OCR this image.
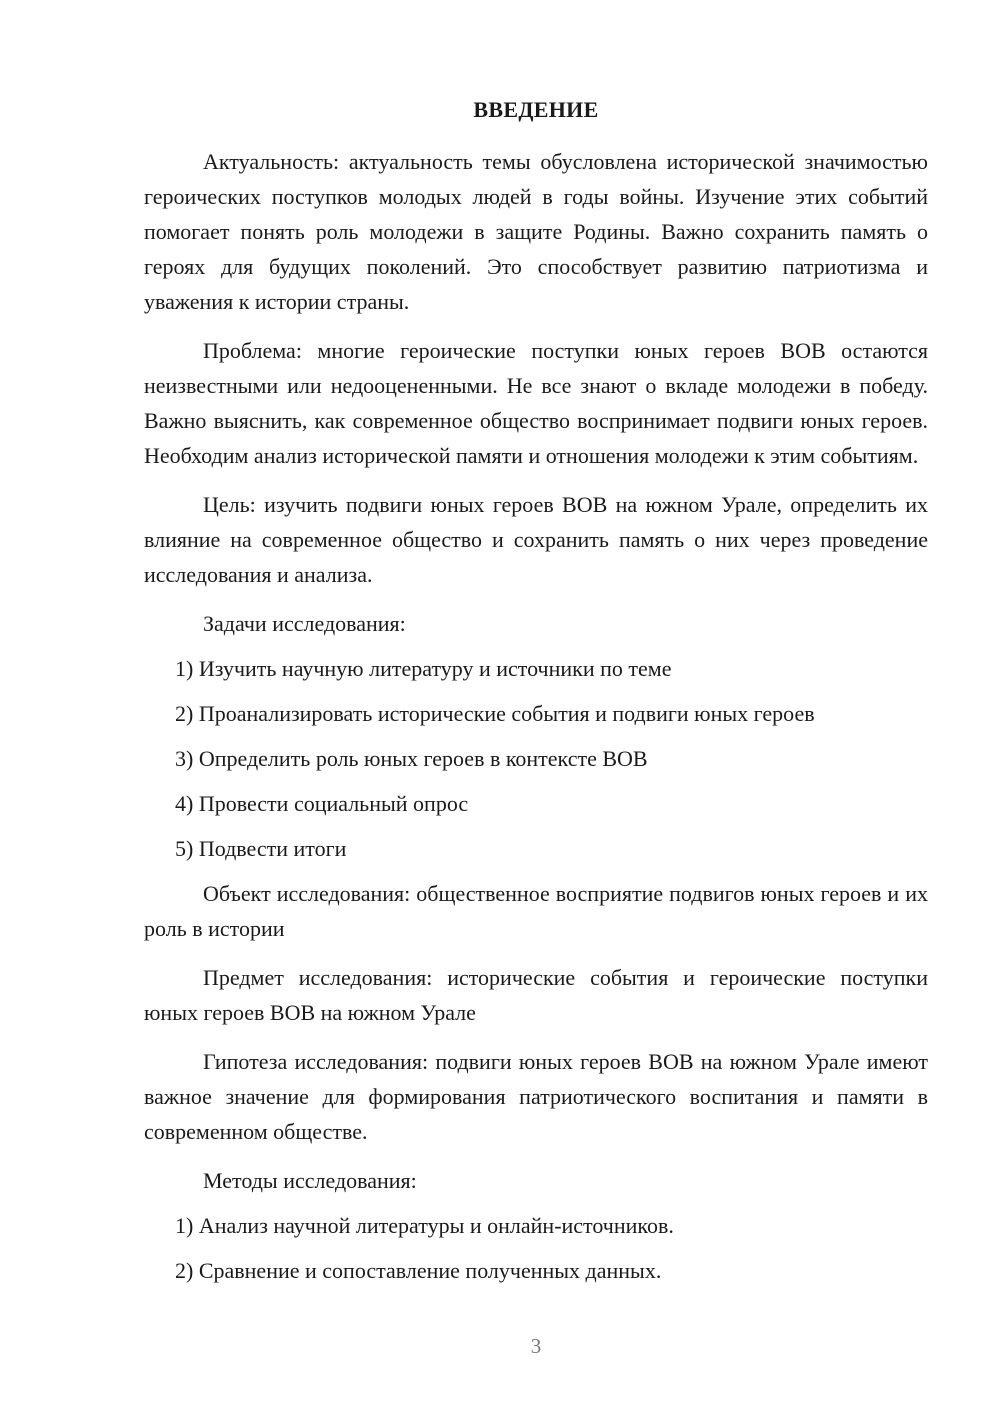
ВВЕДЕНИЕ

Актуальность: актуальность темы обусловлена исторической значимостью героических поступков молодых людей в годы войны. Изучение этих событий помогает понять роль молодежи в защите Родины. Важно сохранить память о героях для будущих поколений. Это способствует развитию патриотизма и уважения к истории страны.

Проблема: многие героические поступки юных героев ВОВ остаются неизвестными или недооцененными. Не все знают о вкладе молодежи в победу. Важно выяснить, как современное общество воспринимает подвиги юных героев. Необходим анализ исторической памяти и отношения молодежи к этим событиям.

Цель: изучить подвиги юных героев ВОВ на южном Урале, определить их влияние на современное общество и сохранить память о них через проведение исследования и анализа.

Задачи исследования:

1) Изучить научную литературу и источники по теме
2) Проанализировать исторические события и подвиги юных героев
3) Определить роль юных героев в контексте ВОВ
4) Провести социальный опрос
5) Подвести итоги

Объект исследования: общественное восприятие подвигов юных героев и их роль в истории

Предмет исследования: исторические события и героические поступки юных героев ВОВ на южном Урале

Гипотеза исследования: подвиги юных героев ВОВ на южном Урале имеют важное значение для формирования патриотического воспитания и памяти в современном обществе.

Методы исследования:

1) Анализ научной литературы и онлайн-источников.
2) Сравнение и сопоставление полученных данных.
3
